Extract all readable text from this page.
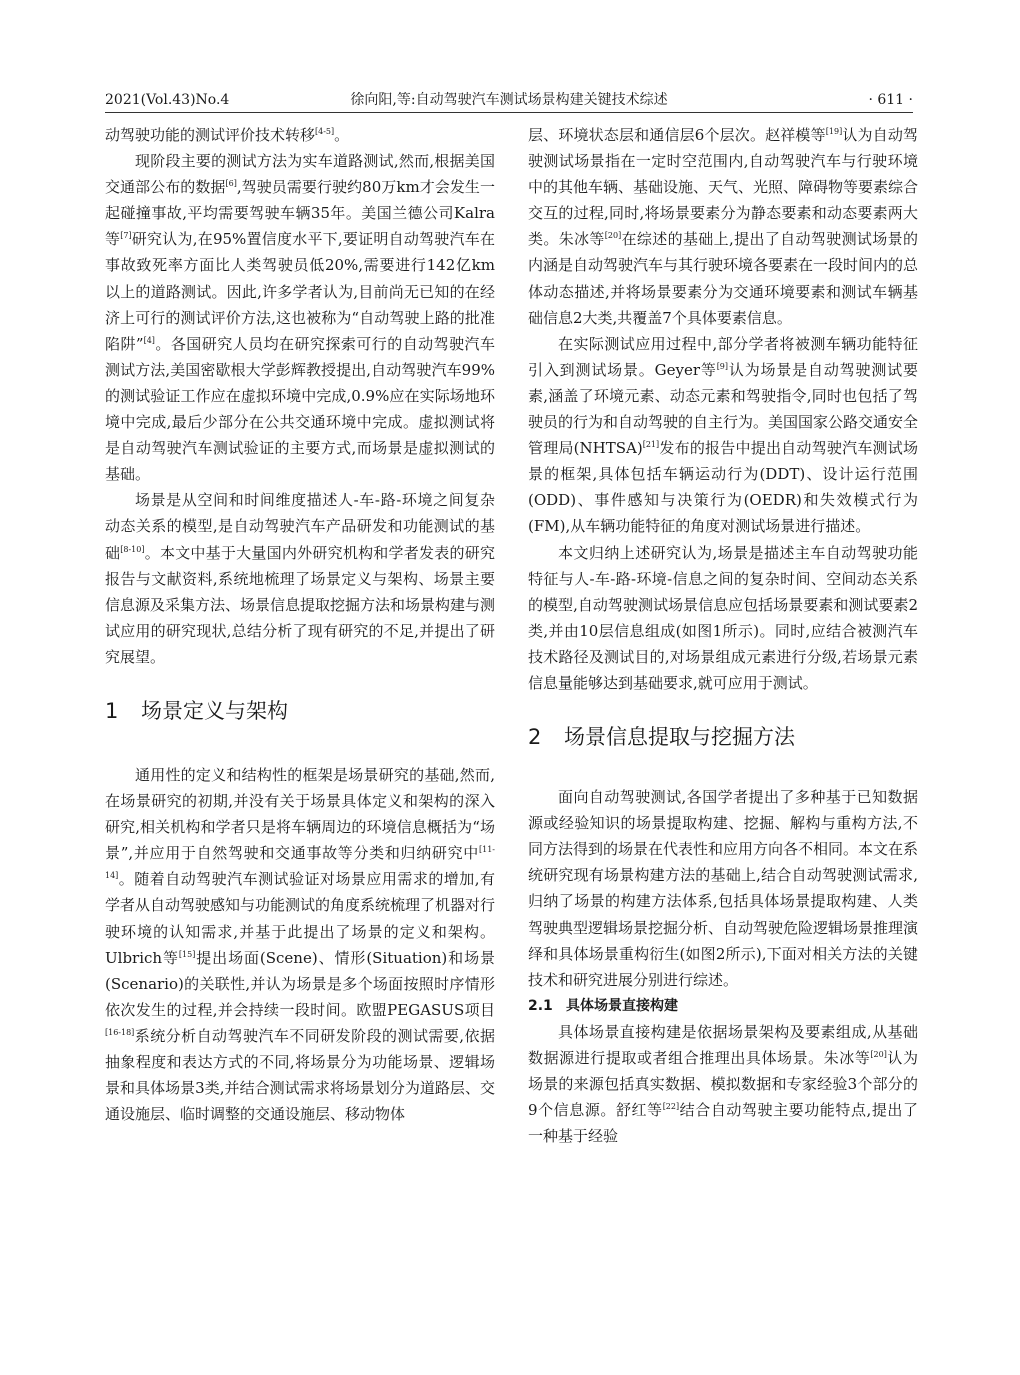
2021(Vol.43)No.4	徐向阳,等:自动驾驶汽车测试场景构建关键技术综述	· 611 ·

动驾驶功能的测试评价技术转移[4-5]。

现阶段主要的测试方法为实车道路测试,然而,根据美国交通部公布的数据[6],驾驶员需要行驶约80万km才会发生一起碰撞事故,平均需要驾驶车辆35年。美国兰德公司Kalra等[7]研究认为,在95%置信度水平下,要证明自动驾驶汽车在事故致死率方面比人类驾驶员低20%,需要进行142亿km以上的道路测试。因此,许多学者认为,目前尚无已知的在经济上可行的测试评价方法,这也被称为“自动驾驶上路的批准陷阱”[4]。各国研究人员均在研究探索可行的自动驾驶汽车测试方法,美国密歇根大学彭辉教授提出,自动驾驶汽车99%的测试验证工作应在虚拟环境中完成,0.9%应在实际场地环境中完成,最后少部分在公共交通环境中完成。虚拟测试将是自动驾驶汽车测试验证的主要方式,而场景是虚拟测试的基础。

场景是从空间和时间维度描述人-车-路-环境之间复杂动态关系的模型,是自动驾驶汽车产品研发和功能测试的基础[8-10]。本文中基于大量国内外研究机构和学者发表的研究报告与文献资料,系统地梳理了场景定义与架构、场景主要信息源及采集方法、场景信息提取挖掘方法和场景构建与测试应用的研究现状,总结分析了现有研究的不足,并提出了研究展望。

1 场景定义与架构

通用性的定义和结构性的框架是场景研究的基础,然而,在场景研究的初期,并没有关于场景具体定义和架构的深入研究,相关机构和学者只是将车辆周边的环境信息概括为“场景”,并应用于自然驾驶和交通事故等分类和归纳研究中[11-14]。随着自动驾驶汽车测试验证对场景应用需求的增加,有学者从自动驾驶感知与功能测试的角度系统梳理了机器对行驶环境的认知需求,并基于此提出了场景的定义和架构。Ulbrich等[15]提出场面(Scene)、情形(Situation)和场景(Scenario)的关联性,并认为场景是多个场面按照时序情形依次发生的过程,并会持续一段时间。欧盟PEGASUS项目[16-18]系统分析自动驾驶汽车不同研发阶段的测试需要,依据抽象程度和表达方式的不同,将场景分为功能场景、逻辑场景和具体场景3类,并结合测试需求将场景划分为道路层、交通设施层、临时调整的交通设施层、移动物体

层、环境状态层和通信层6个层次。赵祥模等[19]认为自动驾驶测试场景指在一定时空范围内,自动驾驶汽车与行驶环境中的其他车辆、基础设施、天气、光照、障碍物等要素综合交互的过程,同时,将场景要素分为静态要素和动态要素两大类。朱冰等[20]在综述的基础上,提出了自动驾驶测试场景的内涵是自动驾驶汽车与其行驶环境各要素在一段时间内的总体动态描述,并将场景要素分为交通环境要素和测试车辆基础信息2大类,共覆盖7个具体要素信息。

在实际测试应用过程中,部分学者将被测车辆功能特征引入到测试场景。Geyer等[9]认为场景是自动驾驶测试要素,涵盖了环境元素、动态元素和驾驶指令,同时也包括了驾驶员的行为和自动驾驶的自主行为。美国国家公路交通安全管理局(NHTSA)[21]发布的报告中提出自动驾驶汽车测试场景的框架,具体包括车辆运动行为(DDT)、设计运行范围(ODD)、事件感知与决策行为(OEDR)和失效模式行为(FM),从车辆功能特征的角度对测试场景进行描述。

本文归纳上述研究认为,场景是描述主车自动驾驶功能特征与人-车-路-环境-信息之间的复杂时间、空间动态关系的模型,自动驾驶测试场景信息应包括场景要素和测试要素2类,并由10层信息组成(如图1所示)。同时,应结合被测汽车技术路径及测试目的,对场景组成元素进行分级,若场景元素信息量能够达到基础要求,就可应用于测试。

2 场景信息提取与挖掘方法

面向自动驾驶测试,各国学者提出了多种基于已知数据源或经验知识的场景提取构建、挖掘、解构与重构方法,不同方法得到的场景在代表性和应用方向各不相同。本文在系统研究现有场景构建方法的基础上,结合自动驾驶测试需求,归纳了场景的构建方法体系,包括具体场景提取构建、人类驾驶典型逻辑场景挖掘分析、自动驾驶危险逻辑场景推理演绎和具体场景重构衍生(如图2所示),下面对相关方法的关键技术和研究进展分别进行综述。

2.1 具体场景直接构建

具体场景直接构建是依据场景架构及要素组成,从基础数据源进行提取或者组合推理出具体场景。朱冰等[20]认为场景的来源包括真实数据、模拟数据和专家经验3个部分的9个信息源。舒红等[22]结合自动驾驶主要功能特点,提出了一种基于经验
